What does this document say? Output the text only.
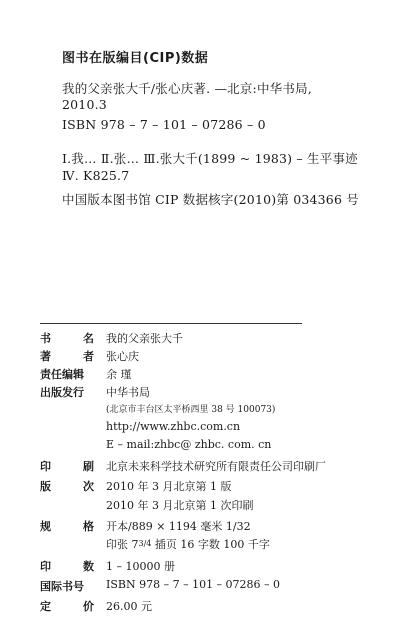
图书在版编目(CIP)数据
我的父亲张大千/张心庆著. —北京:中华书局,
2010.3
ISBN 978 – 7 – 101 – 07286 – 0
Ⅰ.我… Ⅱ.张… Ⅲ.张大千(1899 ~ 1983) – 生平事迹
Ⅳ. K825.7
中国版本图书馆 CIP 数据核字(2010)第 034366 号
书	名 我的父亲张大千
著	者 张心庆
责任编辑	余 瑾
出版发行	中华书局
(北京市丰台区太平桥西里 38 号 100073)
http://www.zhbc.com.cn
E – mail:zhbc@ zhbc. com. cn
印	刷 北京未来科学技术研究所有限责任公司印刷厂
版	次 2010 年 3 月北京第 1 版
2010 年 3 月北京第 1 次印刷
规	格 开本/889 × 1194 毫米 1/32
印张 73/4 插页 16 字数 100 千字
印	数 1 – 10000 册
国际书号	ISBN 978 – 7 – 101 – 07286 – 0
定	价 26.00 元
